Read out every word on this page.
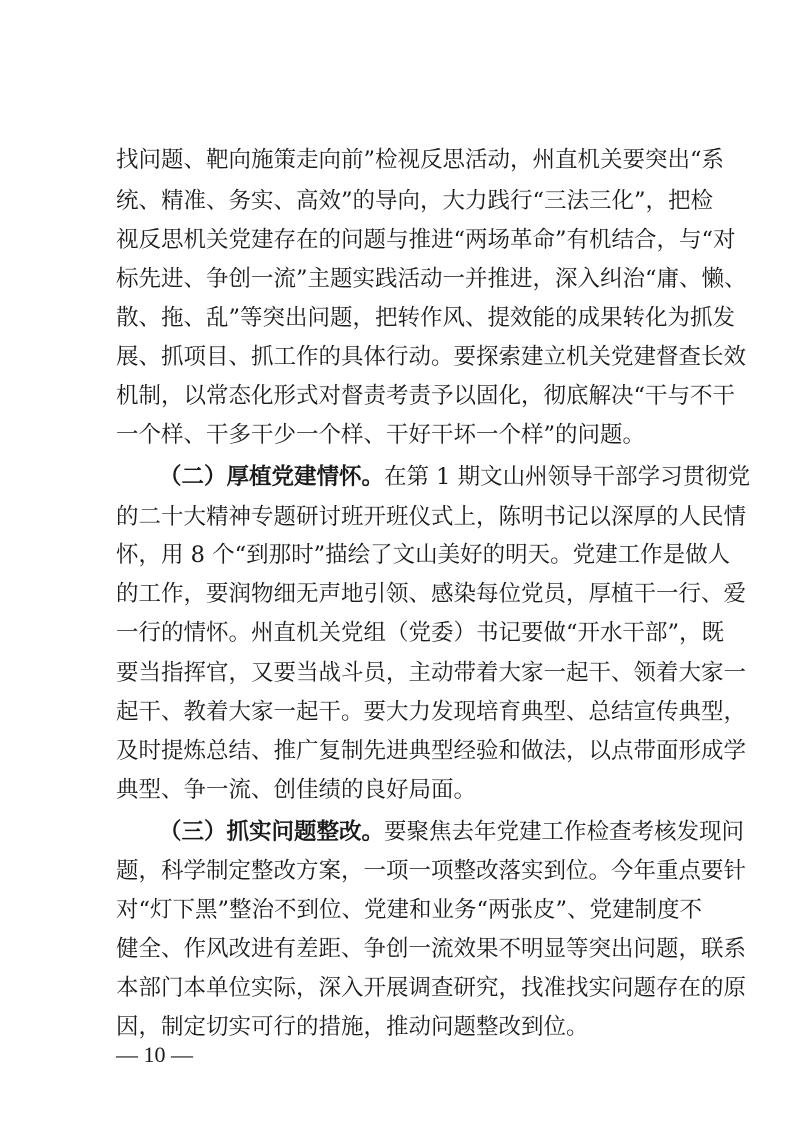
找问题、靶向施策走向前”检视反思活动，州直机关要突出“系
统、精准、务实、高效”的导向，大力践行“三法三化”，把检
视反思机关党建存在的问题与推进“两场革命”有机结合，与“对
标先进、争创一流”主题实践活动一并推进，深入纠治“庸、懒、
散、拖、乱”等突出问题，把转作风、提效能的成果转化为抓发
展、抓项目、抓工作的具体行动。要探索建立机关党建督查长效
机制，以常态化形式对督责考责予以固化，彻底解决“干与不干
一个样、干多干少一个样、干好干坏一个样”的问题。
（二）厚植党建情怀。在第 1 期文山州领导干部学习贯彻党
的二十大精神专题研讨班开班仪式上，陈明书记以深厚的人民情
怀，用 8 个“到那时”描绘了文山美好的明天。党建工作是做人
的工作，要润物细无声地引领、感染每位党员，厚植干一行、爱
一行的情怀。州直机关党组（党委）书记要做“开水干部”，既
要当指挥官，又要当战斗员，主动带着大家一起干、领着大家一
起干、教着大家一起干。要大力发现培育典型、总结宣传典型，
及时提炼总结、推广复制先进典型经验和做法，以点带面形成学
典型、争一流、创佳绩的良好局面。
（三）抓实问题整改。要聚焦去年党建工作检查考核发现问
题，科学制定整改方案，一项一项整改落实到位。今年重点要针
对“灯下黑”整治不到位、党建和业务“两张皮”、党建制度不
健全、作风改进有差距、争创一流效果不明显等突出问题，联系
本部门本单位实际，深入开展调查研究，找准找实问题存在的原
因，制定切实可行的措施，推动问题整改到位。
— 10 —
